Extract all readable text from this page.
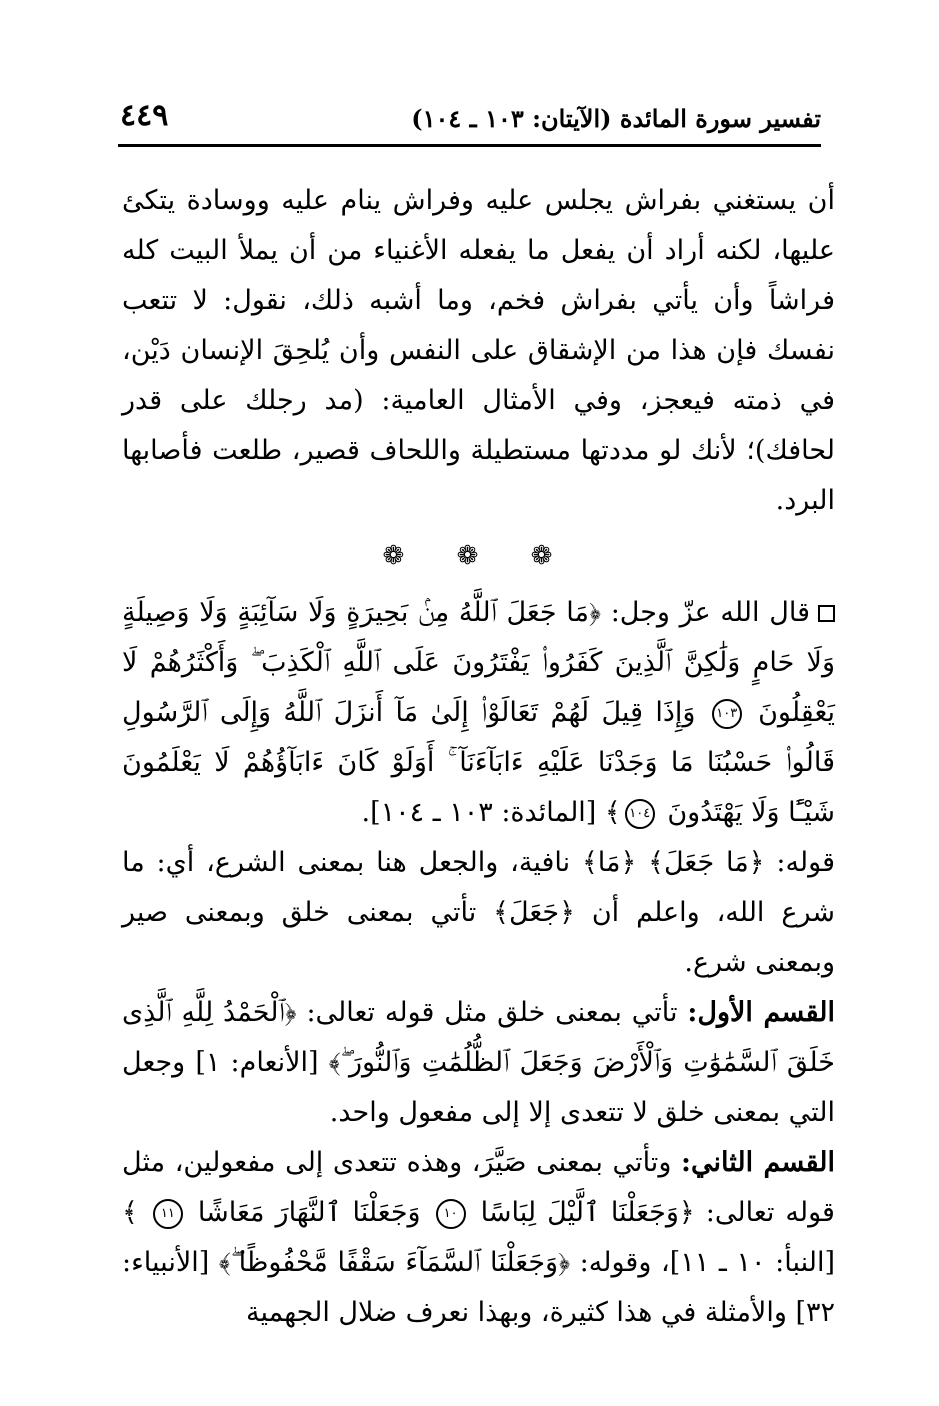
تفسير سورة المائدة (الآيتان: ١٠٣ ـ ١٠٤)
٤٤٩

أن يستغني بفراش يجلس عليه وفراش ينام عليه ووسادة يتكئ عليها، لكنه أراد أن يفعل ما يفعله الأغنياء من أن يملأ البيت كله فراشاً وأن يأتي بفراش فخم، وما أشبه ذلك، نقول: لا تتعب نفسك فإن هذا من الإشقاق على النفس وأن يُلحِقَ الإنسان دَيْن، في ذمته فيعجز، وفي الأمثال العامية: (مد رجلك على قدر لحافك)؛ لأنك لو مددتها مستطيلة واللحاف قصير، طلعت فأصابها البرد.

❁ ❁ ❁

قال الله عزّ وجل: ﴿مَا جَعَلَ ٱللَّهُ مِنۢ بَحِيرَةٍ وَلَا سَآئِبَةٍ وَلَا وَصِيلَةٍ وَلَا حَامٍ وَلَٰكِنَّ ٱلَّذِينَ كَفَرُوا۟ يَفْتَرُونَ عَلَى ٱللَّهِ ٱلْكَذِبَ ۖ وَأَكْثَرُهُمْ لَا يَعْقِلُونَ ١٠٣ وَإِذَا قِيلَ لَهُمْ تَعَالَوْا۟ إِلَىٰ مَآ أَنزَلَ ٱللَّهُ وَإِلَى ٱلرَّسُولِ قَالُوا۟ حَسْبُنَا مَا وَجَدْنَا عَلَيْهِ ءَابَآءَنَآ ۚ أَوَلَوْ كَانَ ءَابَآؤُهُمْ لَا يَعْلَمُونَ شَيْـًٔا وَلَا يَهْتَدُونَ ١٠٤﴾ [المائدة: ١٠٣ ـ ١٠٤].

قوله: ﴿مَا جَعَلَ﴾ ﴿مَا﴾ نافية، والجعل هنا بمعنى الشرع، أي: ما شرع الله، واعلم أن ﴿جَعَلَ﴾ تأتي بمعنى خلق وبمعنى صير وبمعنى شرع.

القسم الأول: تأتي بمعنى خلق مثل قوله تعالى: ﴿ٱلْحَمْدُ لِلَّهِ ٱلَّذِى خَلَقَ ٱلسَّمَٰوَٰتِ وَٱلْأَرْضَ وَجَعَلَ ٱلظُّلُمَٰتِ وَٱلنُّورَ ۖ﴾ [الأنعام: ١] وجعل التي بمعنى خلق لا تتعدى إلا إلى مفعول واحد.

القسم الثاني: وتأتي بمعنى صَيَّرَ، وهذه تتعدى إلى مفعولين، مثل قوله تعالى: ﴿وَجَعَلْنَا ٱلَّيْلَ لِبَاسًا ١٠ وَجَعَلْنَا ٱلنَّهَارَ مَعَاشًا ١١ ﴾ [النبأ: ١٠ ـ ١١]، وقوله: ﴿وَجَعَلْنَا ٱلسَّمَآءَ سَقْفًا مَّحْفُوظًا ۖ﴾ [الأنبياء: ٣٢] والأمثلة في هذا كثيرة، وبهذا نعرف ضلال الجهمية
